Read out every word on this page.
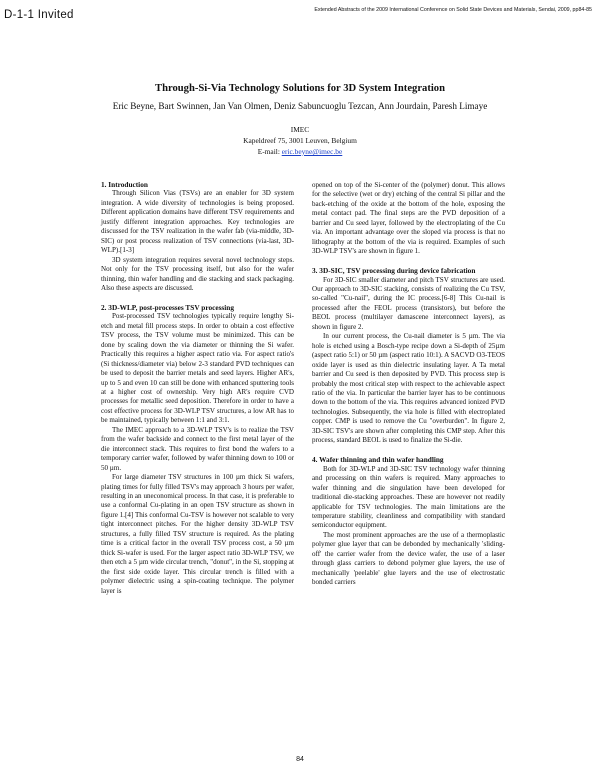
D-1-1 Invited	Extended Abstracts of the 2009 International Conference on Solid State Devices and Materials, Sendai, 2009, pp84-85
Through-Si-Via Technology Solutions for 3D System Integration
Eric Beyne, Bart Swinnen, Jan Van Olmen, Deniz Sabuncuoglu Tezcan, Ann Jourdain, Paresh Limaye
IMEC
Kapeldreef 75, 3001 Leuven, Belgium
E-mail: eric.beyne@imec.be
1. Introduction

Through Silicon Vias (TSVs) are an enabler for 3D system integration. A wide diversity of technologies is being proposed. Different application domains have different TSV requirements and justify different integration approaches. Key technologies are discussed for the TSV realization in the wafer fab (via-middle, 3D-SIC) or post process realization of TSV connections (via-last, 3D-WLP).[1-3]

3D system integration requires several novel technology steps. Not only for the TSV processing itself, but also for the wafer thinning, thin wafer handling and die stacking and stack packaging. Also these aspects are discussed.

2. 3D-WLP, post-processes TSV processing

Post-processed TSV technologies typically require lengthy Si-etch and metal fill process steps. In order to obtain a cost effective TSV process, the TSV volume must be minimized. This can be done by scaling down the via diameter or thinning the Si wafer. Practically this requires a higher aspect ratio via. For aspect ratio's (Si thickness/diameter via) below 2-3 standard PVD techniques can be used to deposit the barrier metals and seed layers. Higher AR's, up to 5 and even 10 can still be done with enhanced sputtering tools at a higher cost of ownership. Very high AR's require CVD processes for metallic seed deposition. Therefore in order to have a cost effective process for 3D-WLP TSV structures, a low AR has to be maintained, typically between 1:1 and 3:1.

The IMEC approach to a 3D-WLP TSV's is to realize the TSV from the wafer backside and connect to the first metal layer of the die interconnect stack. This requires to first bond the wafers to a temporary carrier wafer, followed by wafer thinning down to 100 or 50 µm.

For large diameter TSV structures in 100 µm thick Si wafers, plating times for fully filled TSV's may approach 3 hours per wafer, resulting in an uneconomical process. In that case, it is preferable to use a conformal Cu-plating in an open TSV structure as shown in figure 1.[4] This conformal Cu-TSV is however not scalable to very tight interconnect pitches. For the higher density 3D-WLP TSV structures, a fully filled TSV structure is required. As the plating time is a critical factor in the overall TSV process cost, a 50 µm thick Si-wafer is used. For the larger aspect ratio 3D-WLP TSV, we then etch a 5 µm wide circular trench, "donut", in the Si, stopping at the first side oxide layer. This circular trench is filled with a polymer dielectric using a spin-coating technique. The polymer layer is

opened on top of the Si-center of the (polymer) donut. This allows for the selective (wet or dry) etching of the central Si pillar and the back-etching of the oxide at the bottom of the hole, exposing the metal contact pad. The final steps are the PVD deposition of a barrier and Cu seed layer, followed by the electroplating of the Cu via. An important advantage over the sloped via process is that no lithography at the bottom of the via is required. Examples of such 3D-WLP TSV's are shown in figure 1.

3. 3D-SIC, TSV processing during device fabrication

For 3D-SIC smaller diameter and pitch TSV structures are used. Our approach to 3D-SIC stacking, consists of realizing the Cu TSV, so-called "Cu-nail", during the IC process.[6-8] This Cu-nail is processed after the FEOL process (transistors), but before the BEOL process (multilayer damascene interconnect layers), as shown in figure 2.

In our current process, the Cu-nail diameter is 5 µm. The via hole is etched using a Bosch-type recipe down a Si-depth of 25µm (aspect ratio 5:1) or 50 µm (aspect ratio 10:1). A SACVD O3-TEOS oxide layer is used as thin dielectric insulating layer. A Ta metal barrier and Cu seed is then deposited by PVD. This process step is probably the most critical step with respect to the achievable aspect ratio of the via. In particular the barrier layer has to be continuous down to the bottom of the via. This requires advanced ionized PVD technologies. Subsequently, the via hole is filled with electroplated copper. CMP is used to remove the Cu "overburden". In figure 2, 3D-SIC TSV's are shown after completing this CMP step. After this process, standard BEOL is used to finalize the Si-die.

4. Wafer thinning and thin wafer handling

Both for 3D-WLP and 3D-SIC TSV technology wafer thinning and processing on thin wafers is required. Many approaches to wafer thinning and die singulation have been developed for traditional die-stacking approaches. These are however not readily applicable for TSV technologies. The main limitations are the temperature stability, cleanliness and compatibility with standard semiconductor equipment.

The most prominent approaches are the use of a thermoplastic polymer glue layer that can be debonded by mechanically 'sliding-off' the carrier wafer from the device wafer, the use of a laser through glass carriers to debond polymer glue layers, the use of mechanically 'peelable' glue layers and the use of electrostatic bonded carriers

84
